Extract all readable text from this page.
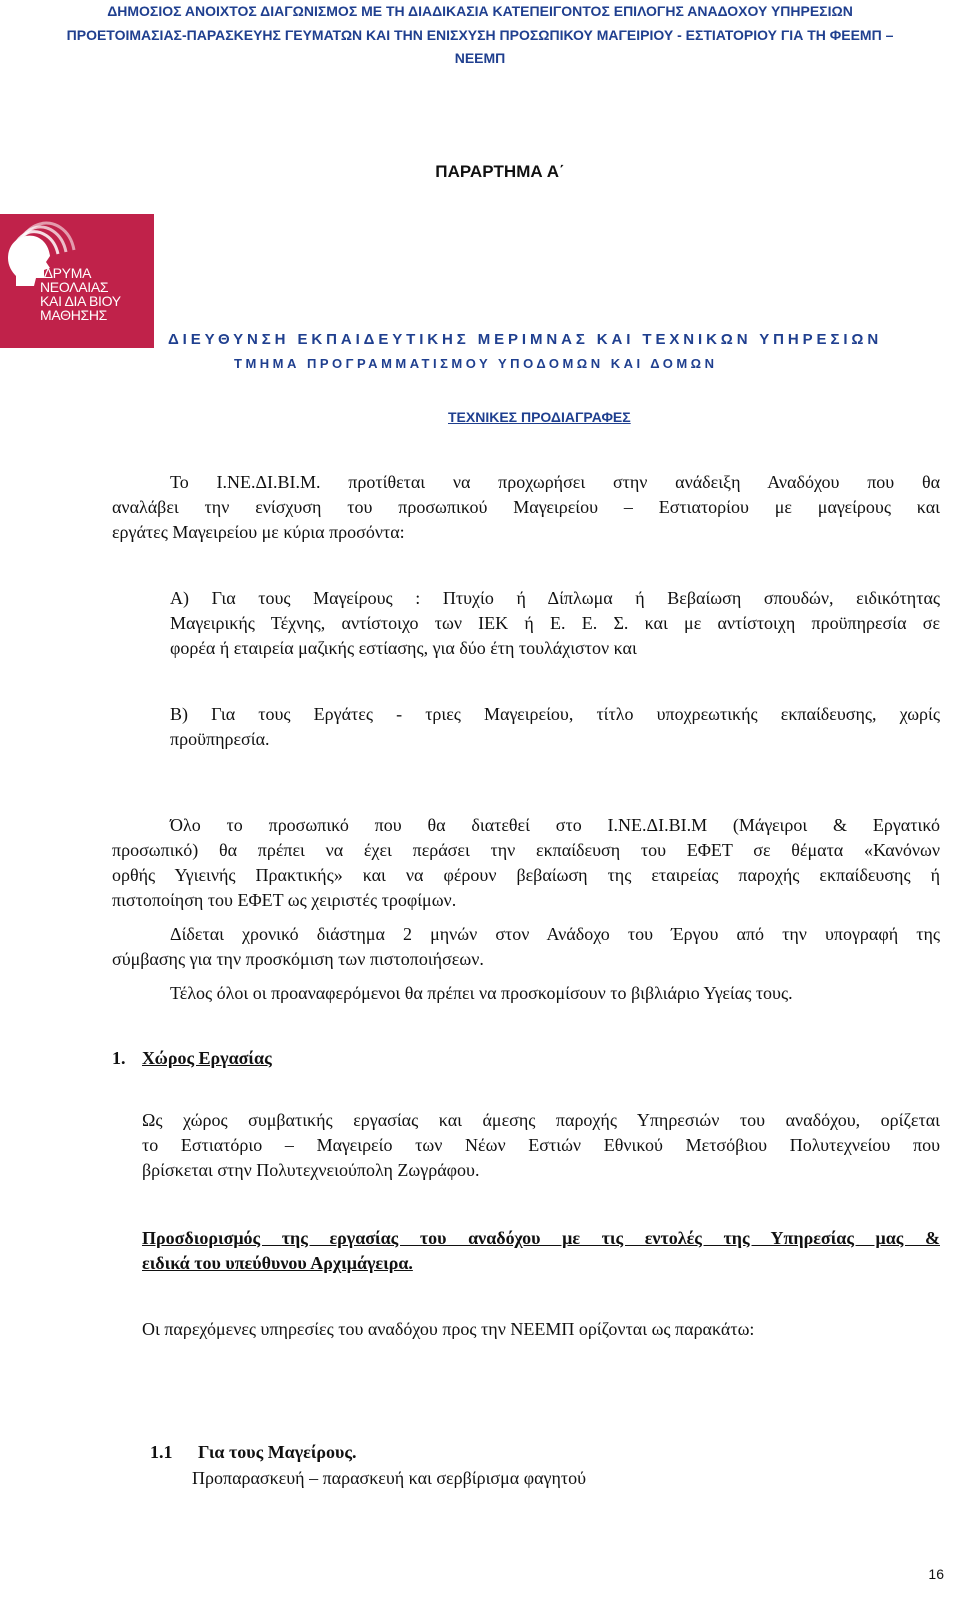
ΔΗΜΟΣΙΟΣ ΑΝΟΙΧΤΟΣ ΔΙΑΓΩΝΙΣΜΟΣ ΜΕ ΤΗ ΔΙΑΔΙΚΑΣΙΑ ΚΑΤΕΠΕΙΓΟΝΤΟΣ ΕΠΙΛΟΓΗΣ ΑΝΑΔΟΧΟΥ ΥΠΗΡΕΣΙΩΝ
ΠΡΟΕΤΟΙΜΑΣΙΑΣ-ΠΑΡΑΣΚΕΥΗΣ ΓΕΥΜΑΤΩΝ ΚΑΙ ΤΗΝ ΕΝΙΣΧΥΣΗ ΠΡΟΣΩΠΙΚΟΥ ΜΑΓΕΙΡΙΟΥ - ΕΣΤΙΑΤΟΡΙΟΥ ΓΙΑ ΤΗ ΦΕΕΜΠ –
ΝΕΕΜΠ
ΠΑΡΑΡΤΗΜΑ Α΄
ΙΔΡΥΜΑ
ΝΕΟΛΑΙΑΣ
ΚΑΙ ΔΙΑ ΒΙΟΥ
ΜΑΘΗΣΗΣ
ΔΙΕΥΘΥΝΣΗ ΕΚΠΑΙΔΕΥΤΙΚΗΣ ΜΕΡΙΜΝΑΣ ΚΑΙ ΤΕΧΝΙΚΩΝ ΥΠΗΡΕΣΙΩΝ
ΤΜΗΜΑ ΠΡΟΓΡΑΜΜΑΤΙΣΜΟΥ ΥΠΟΔΟΜΩΝ ΚΑΙ ΔΟΜΩΝ
ΤΕΧΝΙΚΕΣ ΠΡΟΔΙΑΓΡΑΦΕΣ
Το Ι.ΝΕ.ΔΙ.ΒΙ.Μ. προτίθεται να προχωρήσει στην ανάδειξη Αναδόχου που θα
αναλάβει την ενίσχυση του προσωπικού Μαγειρείου – Εστιατορίου με μαγείρους και
εργάτες Μαγειρείου με κύρια προσόντα:
Α) Για τους Μαγείρους : Πτυχίο ή Δίπλωμα ή Βεβαίωση σπουδών, ειδικότητας
Μαγειρικής Τέχνης, αντίστοιχο των ΙΕΚ ή Ε. Ε. Σ. και με αντίστοιχη προϋπηρεσία σε
φορέα ή εταιρεία μαζικής εστίασης, για δύο έτη τουλάχιστον και
Β) Για τους Εργάτες - τριες Μαγειρείου, τίτλο υποχρεωτικής εκπαίδευσης, χωρίς
προϋπηρεσία.
Όλο το προσωπικό που θα διατεθεί στο Ι.ΝΕ.ΔΙ.ΒΙ.Μ (Μάγειροι & Εργατικό
προσωπικό) θα πρέπει να έχει περάσει την εκπαίδευση του ΕΦΕΤ σε θέματα «Κανόνων
ορθής Υγιεινής Πρακτικής» και να φέρουν βεβαίωση της εταιρείας παροχής εκπαίδευσης ή
πιστοποίηση του ΕΦΕΤ ως χειριστές τροφίμων.
Δίδεται χρονικό διάστημα 2 μηνών στον Ανάδοχο του Έργου από την υπογραφή της
σύμβασης για την προσκόμιση των πιστοποιήσεων.
Τέλος όλοι οι προαναφερόμενοι θα πρέπει να προσκομίσουν το βιβλιάριο Υγείας τους.
1. Χώρος Εργασίας
Ως χώρος συμβατικής εργασίας και άμεσης παροχής Υπηρεσιών του αναδόχου, ορίζεται
το Εστιατόριο – Μαγειρείο των Νέων Εστιών Εθνικού Μετσόβιου Πολυτεχνείου που
βρίσκεται στην Πολυτεχνειούπολη Ζωγράφου.
Προσδιορισμός της εργασίας του αναδόχου με τις εντολές της Υπηρεσίας μας &
ειδικά του υπεύθυνου Αρχιμάγειρα.
Οι παρεχόμενες υπηρεσίες του αναδόχου προς την ΝΕΕΜΠ ορίζονται ως παρακάτω:
1.1	Για τους Μαγείρους.
Προπαρασκευή – παρασκευή και σερβίρισμα φαγητού
16
